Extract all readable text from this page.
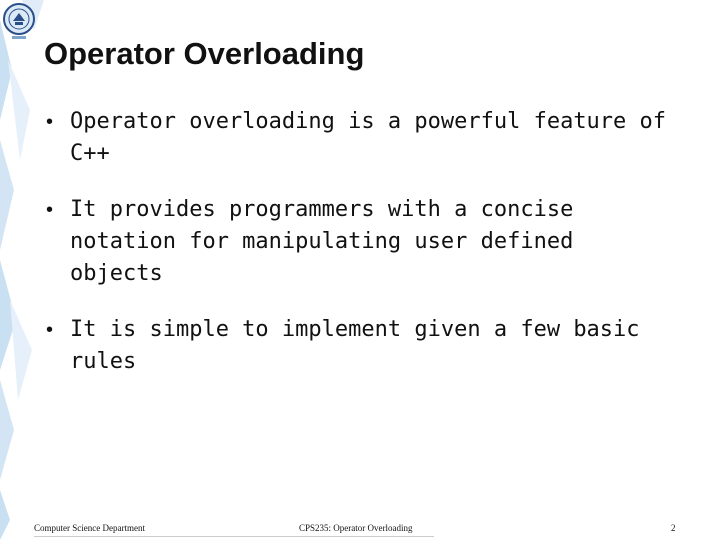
Operator Overloading
• Operator overloading is a powerful feature of C++
• It provides programmers with a concise notation for manipulating user defined objects
• It is simple to implement given a few basic rules
Computer Science Department	CPS235: Operator Overloading	2
